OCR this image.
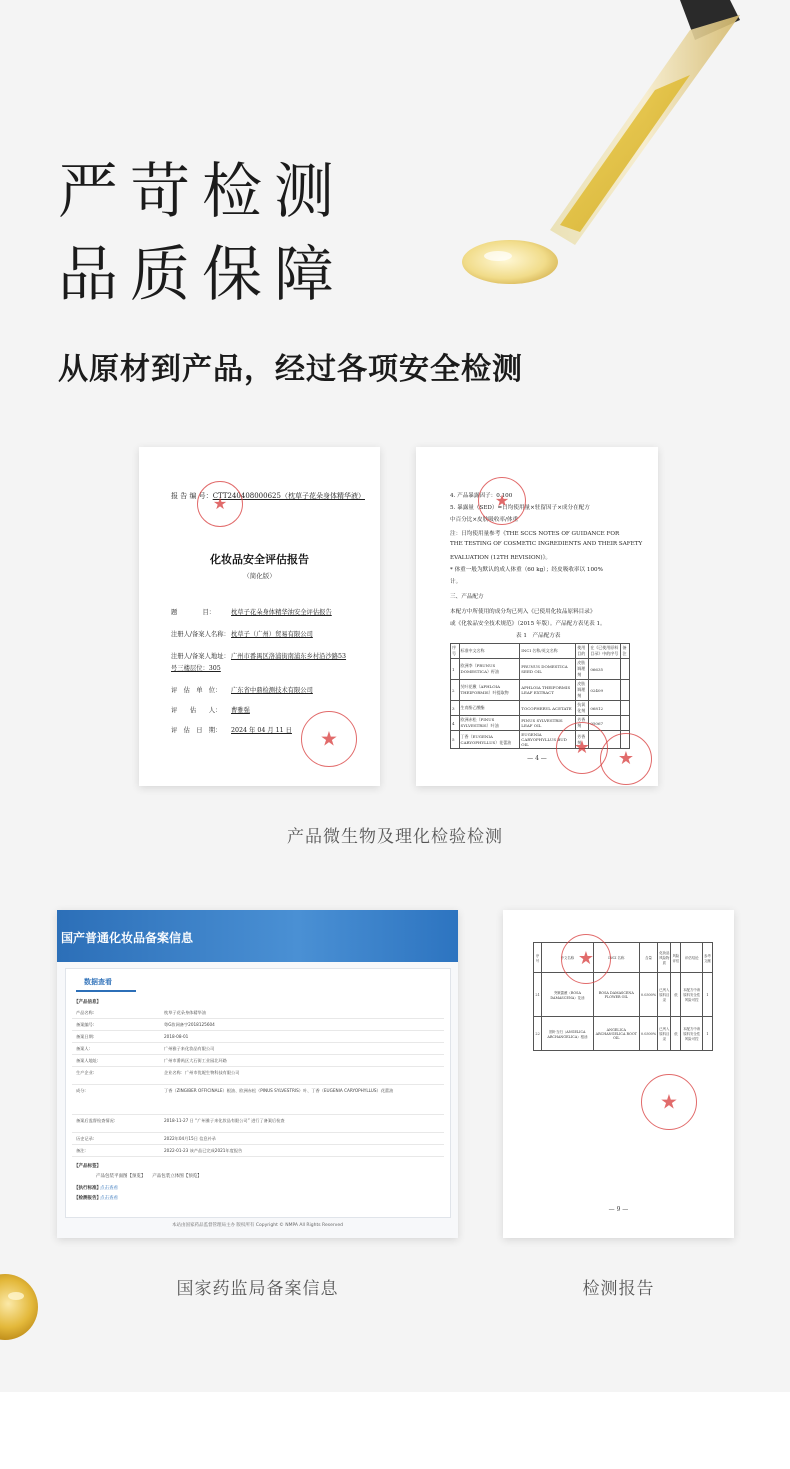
严苛检测
品质保障
从原材到产品，经过各项安全检测
报 告 编 号：CTT240408000625（枕草子花朵身体精华液）
★
化妆品安全评估报告
（简化版）
题　　　　目：	枕草子花朵身体精华油安全评估报告
注册人/备案人名称：枕草子（广州）贸易有限公司
注册人/备案人地址：广州市番禺区洛浦街南浦东乡村沿沙路53
号三楼层位：305
评　估　单　位： 广东省中鼎检测技术有限公司
评　　估　　人： 曹雅强
评　估　日　期： 2024 年 04 月 11 日
★
4. 产品暴露因子：0.100
5. 暴露量（SED）=日均使用量×驻留因子×成分在配方
中百分比×皮肤吸收率/体重
注：日均使用量参考《THE SCCS NOTES OF GUIDANCE FOR
THE TESTING OF COSMETIC INGREDIENTS AND THEIR SAFETY
EVALUATION (12TH REVISION)》。
* 体重一般为默认的成人体重（60 kg）；经皮吸收率以 100%
计。
三、产品配方
本配方中所使用的成分均已列入《已使用化妆品原料目录》
或《化妆品安全技术规范》（2015 年版）。产品配方表见表 1。
表 1　产品配方表
★
序号	标准中文名称	INCI 名称/英文名称	使用目的	在《已使用原料目录》中的序号	备注
1	欧洲李（PRUNUS DOMESTICA）籽油	PRUNUS DOMESTICA SEED OIL	皮肤调理剂	06635	
2	芡叶花楸（APHLOIA THEIFORMIS）叶提取物	APHLOIA THEIFORMIS LEAF EXTRACT	皮肤调理剂	02409	
3	生育酚乙酸酯	TOCOPHERYL ACETATE	抗氧化剂	06812	
4	欧洲赤松（PINUS SYLVESTRIS）叶油	PINUS SYLVESTRIS LEAF OIL	芳香剂	05067	
5	丁香（EUGENIA CARYOPHYLLUS）花蕾油	EUGENIA CARYOPHYLLUS BUD OIL	芳香剂		
— 4 —
★
★
产品微生物及理化检验检测
国产普通化妆品备案信息
数据查看
【产品信息】
产品名称:	枕草子花朵身体精华油
备案编号:	粤G妆网备字2018125604
备案日期:	2018-08-01
备案人:	广州雅子来化妆品有限公司
备案人地址:	广州市番禺区大石街工业园北环路
生产企业:	企业名称：广州市优妮生物科技有限公司
成分:	丁香（ZINGIBER OFFICINALE）根油、欧洲赤松（PINUS SYLVESTRIS）叶、丁香（EUGENIA CARYOPHYLLUS）花蕾油
备案后监督检查情况:	2018-11-27 日 “广州雅子来化妆品有限公司” 进行了备案后检查
历史记录:	2022年04月15日 信息补录
备注:	2022-01-23 该产品已完成2021年度报告
【产品标签】
产品包装平面图【预览】　　产品包装立体图【预览】
【执行标准】 点击查看
【检测报告】 点击查看
本站由国家药品监督管理局主办 版权所有 Copyright © NMPA All Rights Reserved
国家药监局备案信息
序号	中文名称	INCI 名称	含量	化妆品风险物质	风险评估	评估结论	参考文献
21	突厥蔷薇（ROSA DAMASCENA）花油	ROSA DAMASCENA FLOWER OIL	0.0300%	已列入原料目录	低	本配方中该原料安全性风险可控	1
22	圆叶当归（ANGELICA ARCHANGELICA）根油	ANGELICA ARCHANGELICA ROOT OIL	0.0300%	已列入原料目录	低	本配方中该原料安全性风险可控	1
★
★
— 9 —
检测报告
